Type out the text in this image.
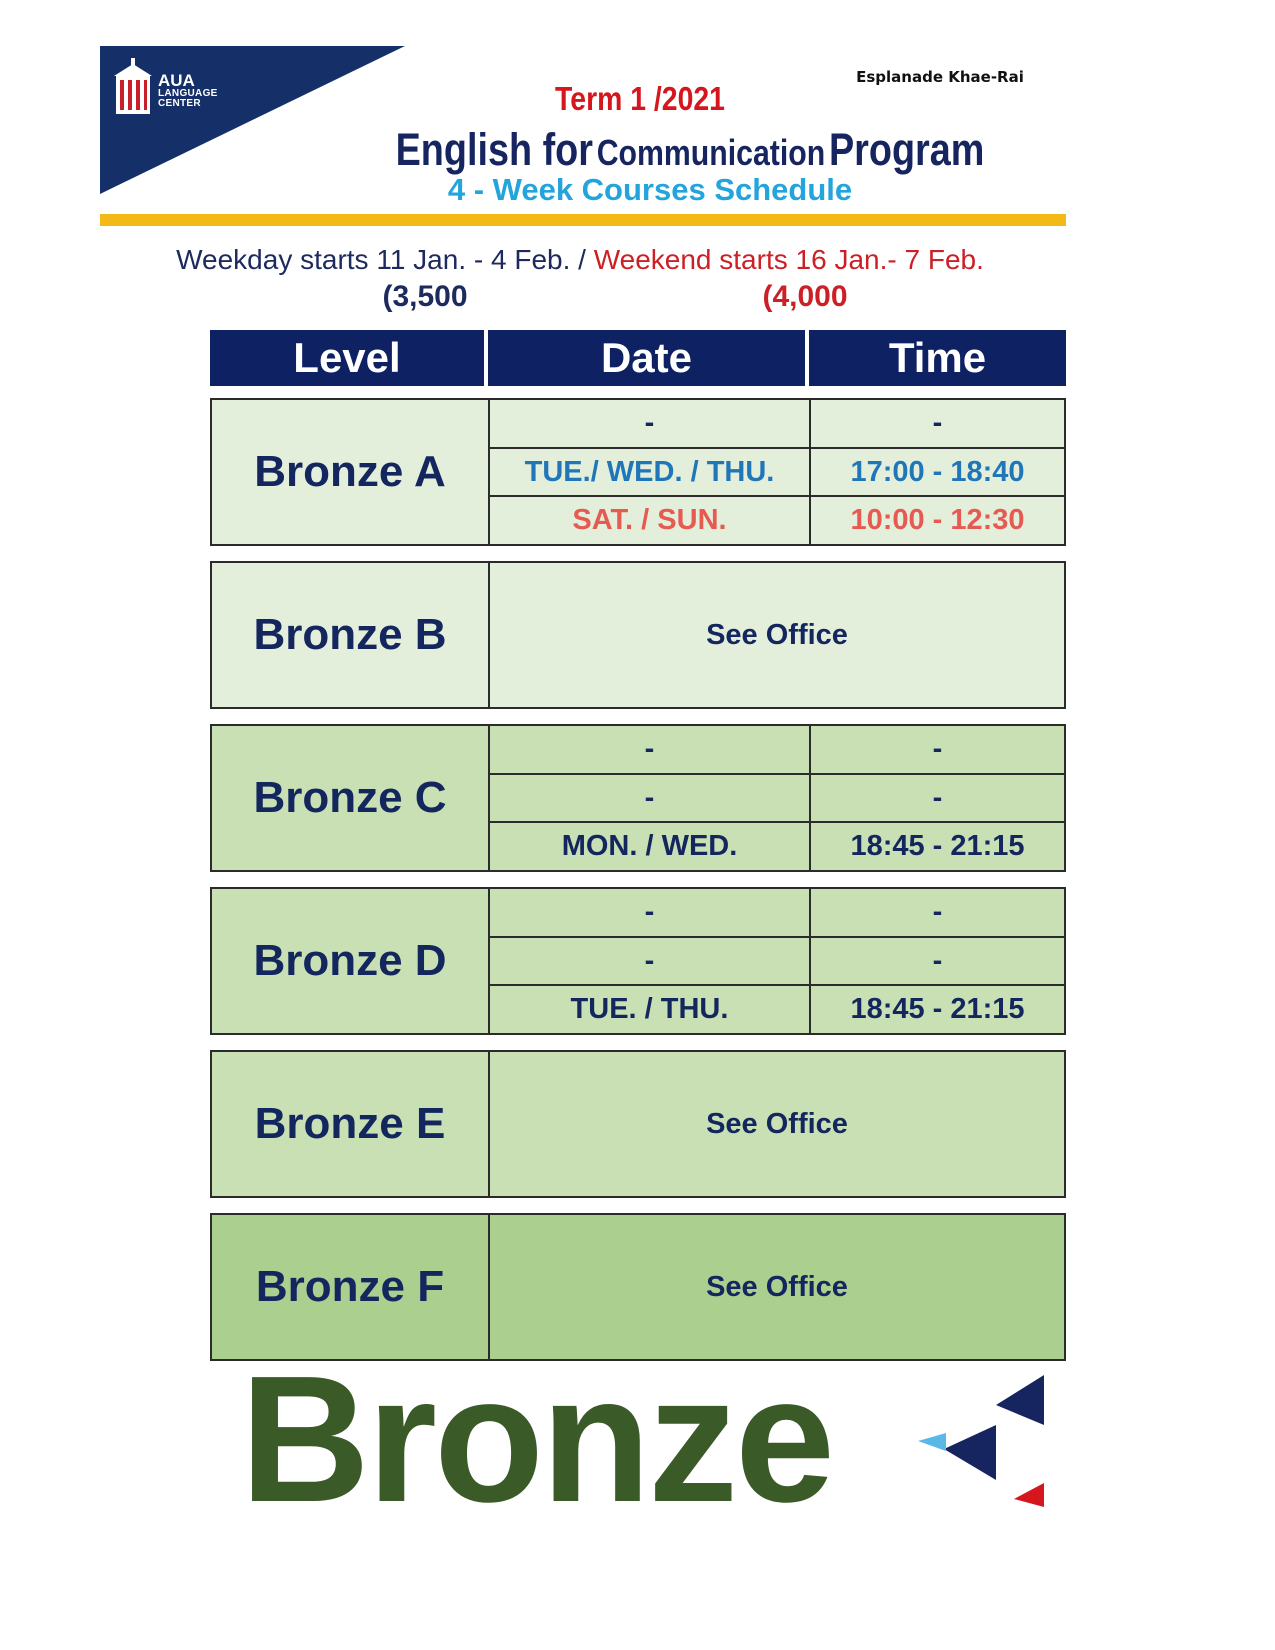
AUA
LANGUAGE
CENTER
Esplanade Khae-Rai
Term 1 /2021
English for Communication Program
4 - Week Courses Schedule
Weekday starts 11 Jan. - 4 Feb. / Weekend starts 16 Jan.- 7 Feb.
(3,500	(4,000
Level	Date	Time
Bronze A
-	-
TUE./ WED. / THU.	17:00 - 18:40
SAT. / SUN.	10:00 - 12:30
Bronze B	See Office
Bronze C
-	-
-	-
MON. / WED.	18:45 - 21:15
Bronze D
-	-
-	-
TUE. / THU.	18:45 - 21:15
Bronze E	See Office
Bronze F	See Office
Bronze
